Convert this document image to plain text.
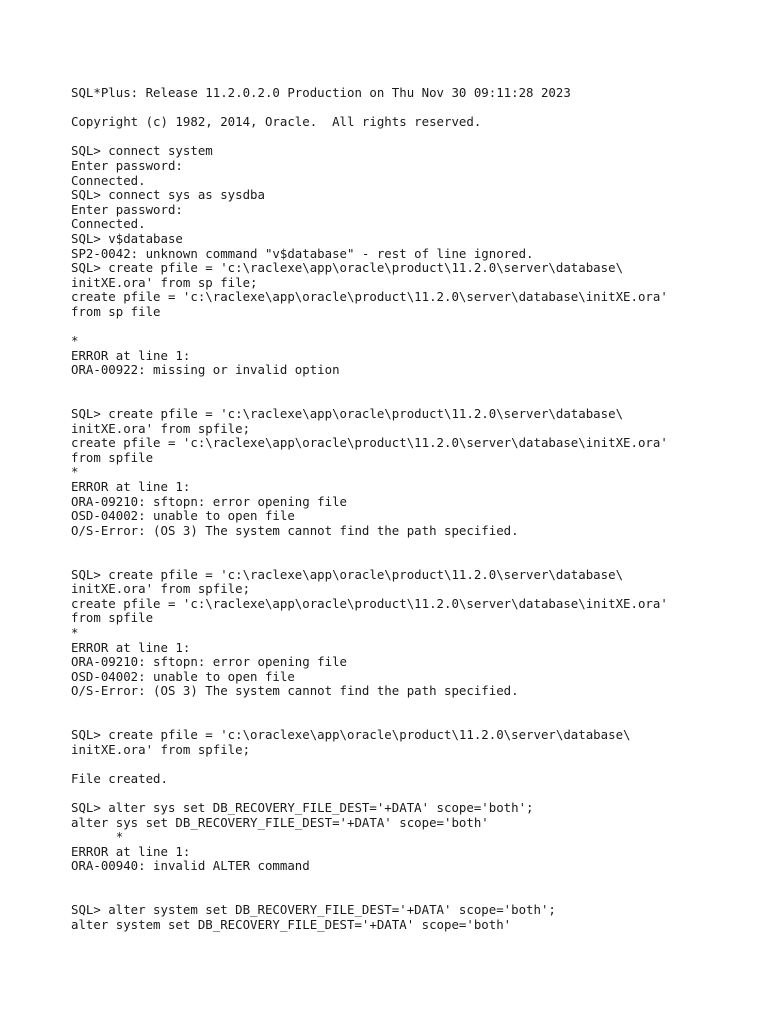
SQL*Plus: Release 11.2.0.2.0 Production on Thu Nov 30 09:11:28 2023
Copyright (c) 1982, 2014, Oracle.  All rights reserved.
SQL> connect system
Enter password:
Connected.
SQL> connect sys as sysdba
Enter password:
Connected.
SQL> v$database
SP2-0042: unknown command "v$database" - rest of line ignored.
SQL> create pfile = 'c:\raclexe\app\oracle\product\11.2.0\server\database\
initXE.ora' from sp file;
create pfile = 'c:\raclexe\app\oracle\product\11.2.0\server\database\initXE.ora'
from sp file
*
ERROR at line 1:
ORA-00922: missing or invalid option
SQL> create pfile = 'c:\raclexe\app\oracle\product\11.2.0\server\database\
initXE.ora' from spfile;
create pfile = 'c:\raclexe\app\oracle\product\11.2.0\server\database\initXE.ora'
from spfile
*
ERROR at line 1:
ORA-09210: sftopn: error opening file
OSD-04002: unable to open file
O/S-Error: (OS 3) The system cannot find the path specified.
SQL> create pfile = 'c:\raclexe\app\oracle\product\11.2.0\server\database\
initXE.ora' from spfile;
create pfile = 'c:\raclexe\app\oracle\product\11.2.0\server\database\initXE.ora'
from spfile
*
ERROR at line 1:
ORA-09210: sftopn: error opening file
OSD-04002: unable to open file
O/S-Error: (OS 3) The system cannot find the path specified.
SQL> create pfile = 'c:\oraclexe\app\oracle\product\11.2.0\server\database\
initXE.ora' from spfile;
File created.
SQL> alter sys set DB_RECOVERY_FILE_DEST='+DATA' scope='both';
alter sys set DB_RECOVERY_FILE_DEST='+DATA' scope='both'
*
ERROR at line 1:
ORA-00940: invalid ALTER command
SQL> alter system set DB_RECOVERY_FILE_DEST='+DATA' scope='both';
alter system set DB_RECOVERY_FILE_DEST='+DATA' scope='both'
